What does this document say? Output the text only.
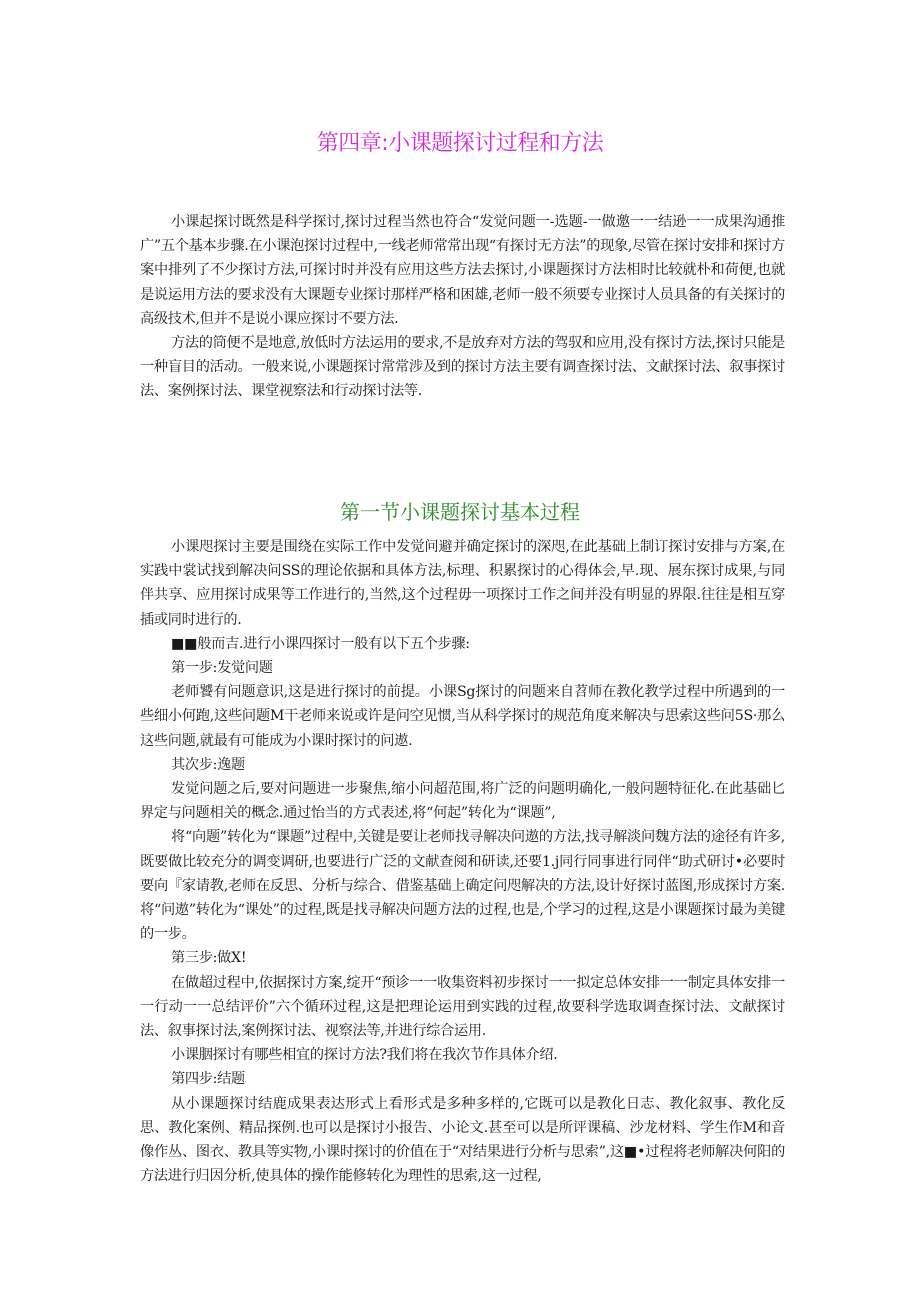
第四章:小课题探讨过程和方法

小课起探讨既然是科学探讨,探讨过程当然也符合“发觉问题一-选题-一做邀一一结逊一一成果沟通推广”五个基本步骤.在小课泡探讨过程中,一线老师常常出现“有探讨无方法”的现象,尽管在探讨安排和探讨方案中排列了不少探讨方法,可探讨时并没有应用这些方法去探讨,小课题探讨方法相时比较就朴和荷便,也就是说运用方法的要求没有大课题专业探讨那样严格和困雄,老师一般不须要专业探讨人员具备的有关探讨的高级技术,但并不是说小课应探讨不要方法.

方法的筒便不是地意,放低时方法运用的要求,不是放弃对方法的驾驭和应用,没有探讨方法,探讨只能是一种盲目的活动。一般来说,小课题探讨常常涉及到的探讨方法主要有调查探讨法、文献探讨法、叙事探讨法、案例探讨法、课堂视察法和行动探讨法等.

第一节小课题探讨基本过程

小课咫探讨主要是围绕在实际工作中发觉问避并确定探讨的深咫,在此基础上制订探讨安排与方案,在实践中裳试找到解决问SS的理论依据和具体方法,标理、积累探讨的心得体会,早.现、展东探讨成果,与同伴共享、应用探讨成果等工作进行的,当然,这个过程毋一项探讨工作之间并没有明显的界限.往往是相互穿插或同时进行的.

■■般而吉.进行小课四探讨一般有以下五个步骤:

第一步:发觉问题

老师饕有问题意识,这是进行探讨的前提。小课Sg探讨的问题来自苕师在教化教学过程中所遇到的一些细小何跑,这些问题M干老师来说或许是问空见惯,当从科学探讨的规范角度来解决与思索这些问5S·那么这些问题,就最有可能成为小课时探讨的问遨.

其次步:逸题

发觉问题之后,要对问题进一步聚焦,缩小问超范围,将广泛的问题明确化,一般问题特征化.在此基础匕界定与问题相关的概念.通过怡当的方式表述,将“何起”转化为“课题”,

将“向题”转化为“课题”过程中,关键是要让老师找寻解决问遨的方法,找寻解淡问魏方法的途径有许多,既要做比较充分的调变调研,也要进行广泛的文献查阅和研读,还要1.j同行同事进行同伴“助式研讨•必要时要向『家请教,老师在反思、分析与综合、借鉴基础上确定问咫解决的方法,设计好探讨蓝图,形成探讨方案.将“问遨”转化为“课处”的过程,既是找寻解决问题方法的过程,也是,个学习的过程,这是小课题探讨最为美键的一步。

第三步:做X!

在做超过程中,依据探讨方案,绽开“预诊一一收集资料初步探讨一一拟定总体安排一一制定具体安排一一行动一一总结评价”六个循环过程,这是把理论运用到实践的过程,故要科学选取调查探讨法、文献探讨法、叙事探讨法,案例探讨法、视察法等,并进行综合运用.

小课胭探讨有哪些相宜的探讨方法?我们将在我次节作具体介绍.

第四步:结题

从小课题探讨结鹿成果表达形式上看形式是多种多样的,它既可以是教化日志、教化叙事、教化反思、教化案例、精品探例.也可以是探讨小报告、小论文.甚至可以是所评课稿、沙龙材料、学生作M和音像作丛、图衣、教具等实物,小课时探讨的价值在于“对结果进行分析与思索”,这■•过程将老师解决何阳的方法进行归因分析,使具体的操作能修转化为理性的思索,这一过程,
